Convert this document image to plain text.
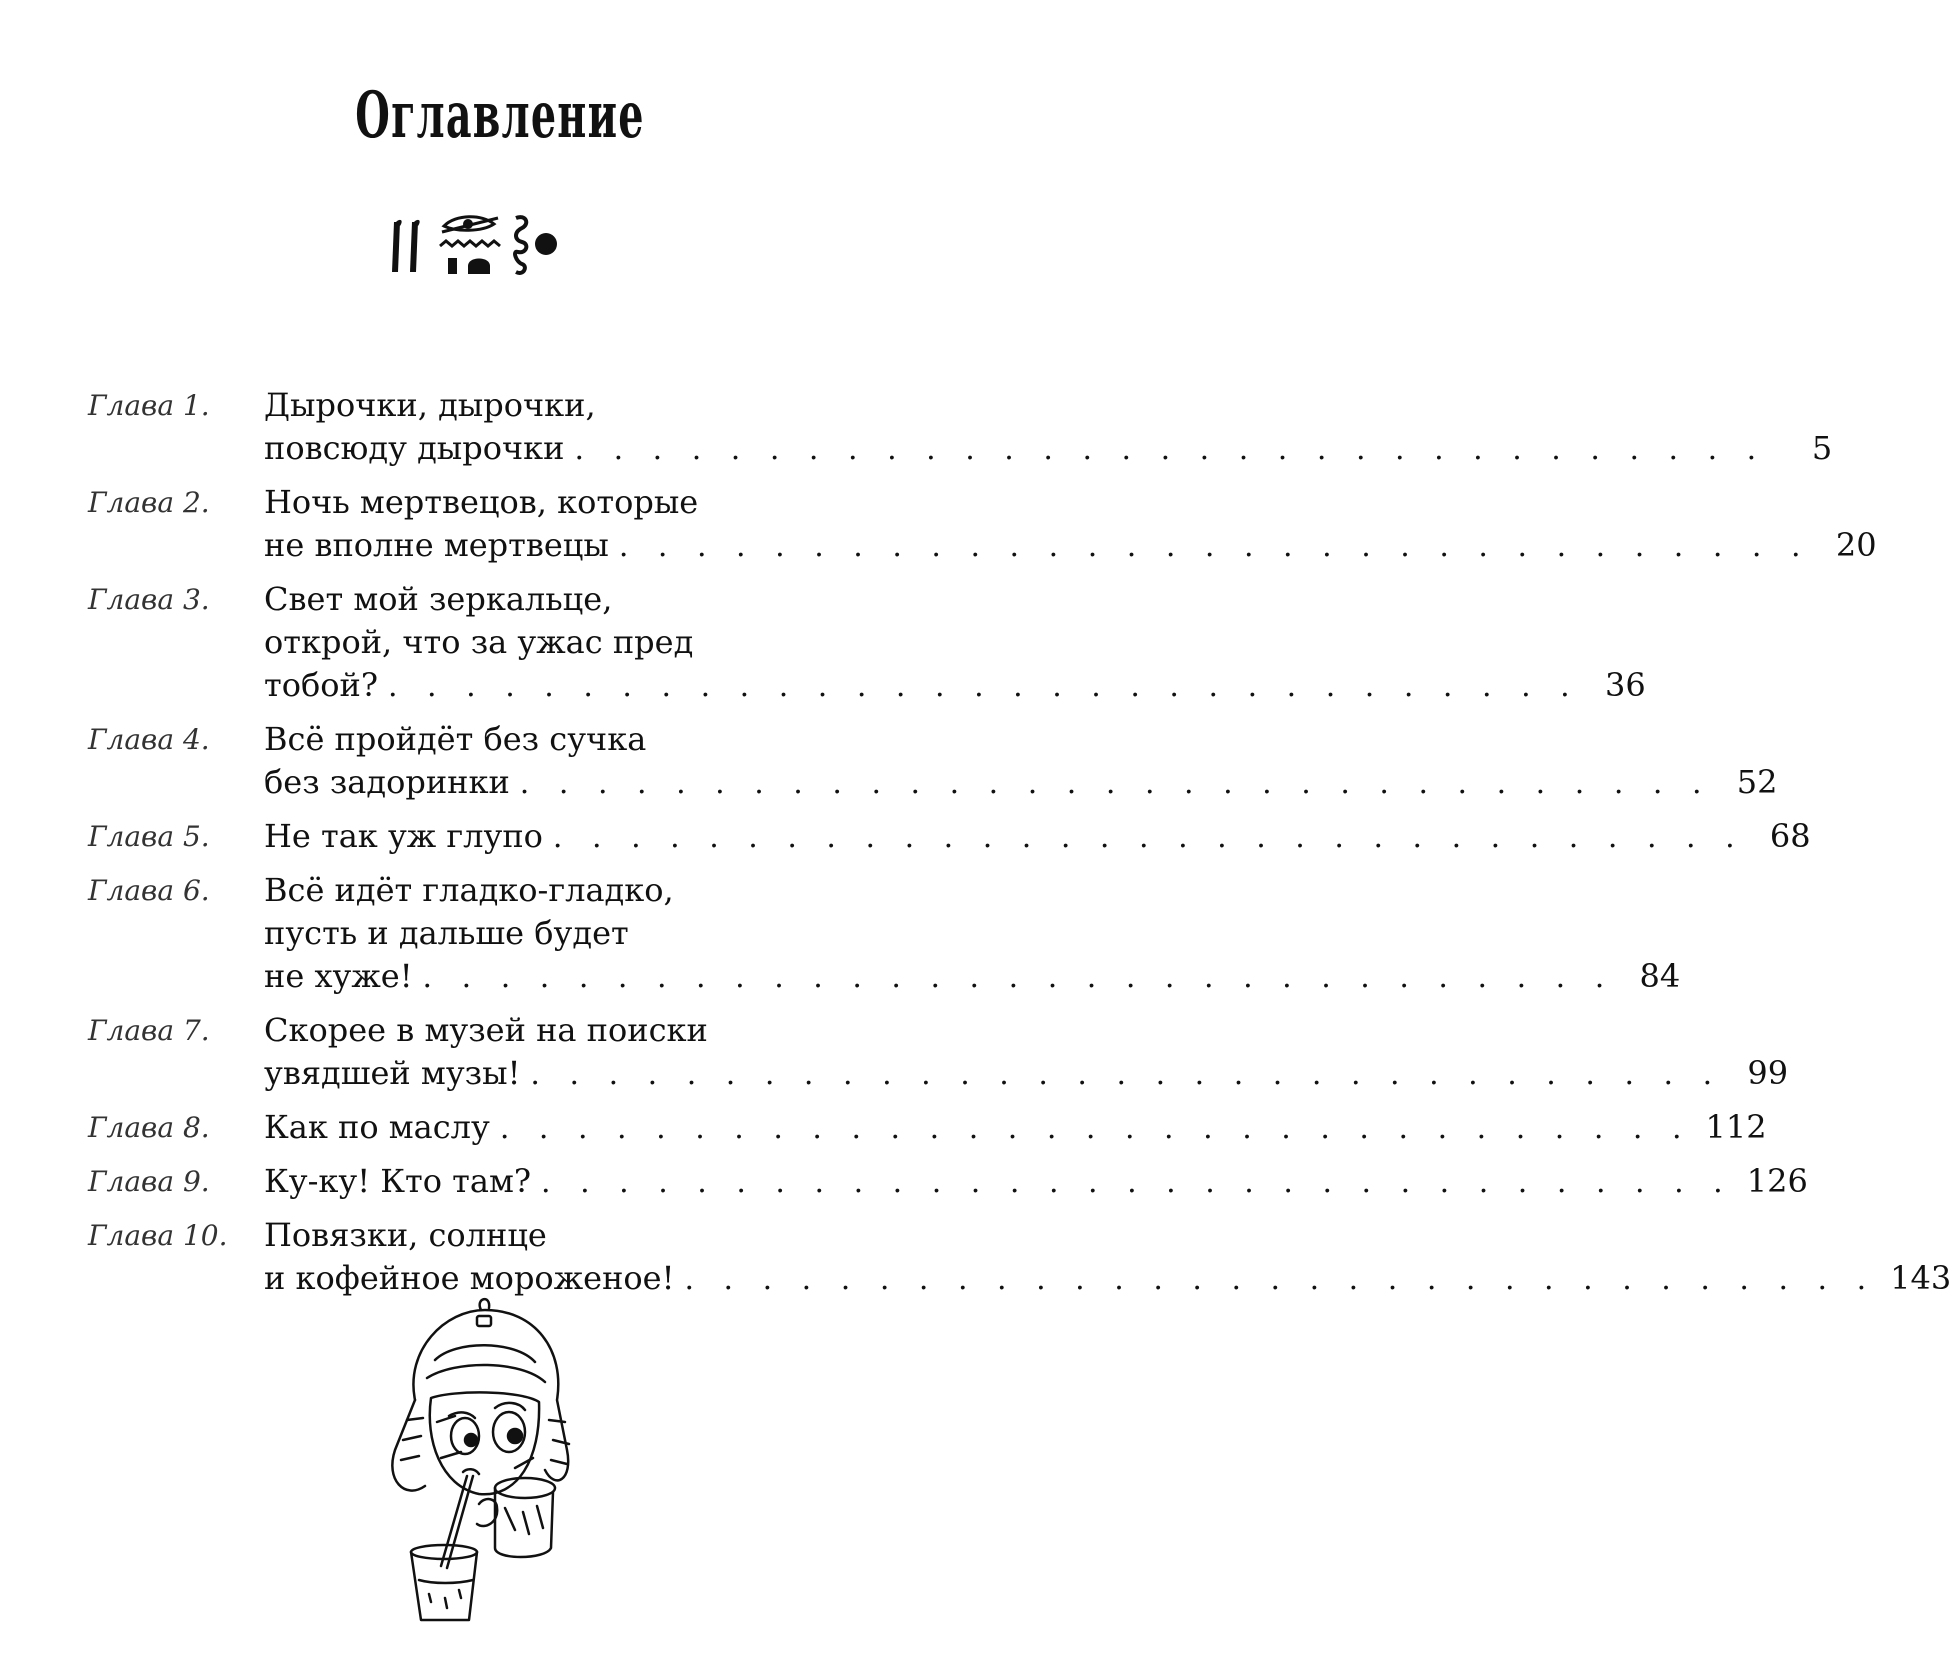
Оглавление
Глава 1. Дырочки, дырочки,
повсюду дырочки . . . . . . . . . . . . . . . . . . . . . . . . . . . . . . .	5
Глава 2. Ночь мертвецов, которые
не вполне мертвецы . . . . . . . . . . . . . . . . . . . . . . . . . . . . . . . 20
Глава 3. Свет мой зеркальце,
открой, что за ужас пред
тобой? . . . . . . . . . . . . . . . . . . . . . . . . . . . . . . . 36
Глава 4. Всё пройдёт без сучка
без задоринки . . . . . . . . . . . . . . . . . . . . . . . . . . . . . . . 52
Глава 5. Не так уж глупо . . . . . . . . . . . . . . . . . . . . . . . . . . . . . . . 68
Глава 6. Всё идёт гладко-гладко,
пусть и дальше будет
не хуже! . . . . . . . . . . . . . . . . . . . . . . . . . . . . . . . 84
Глава 7. Скорее в музей на поиски
увядшей музы! . . . . . . . . . . . . . . . . . . . . . . . . . . . . . . . 99
Глава 8. Как по маслу . . . . . . . . . . . . . . . . . . . . . . . . . . . . . . . 112
Глава 9. Ку-ку! Кто там? . . . . . . . . . . . . . . . . . . . . . . . . . . . . . . . 126
Глава 10. Повязки, солнце
и кофейное мороженое! . . . . . . . . . . . . . . . . . . . . . . . . . . . . . . . 143
